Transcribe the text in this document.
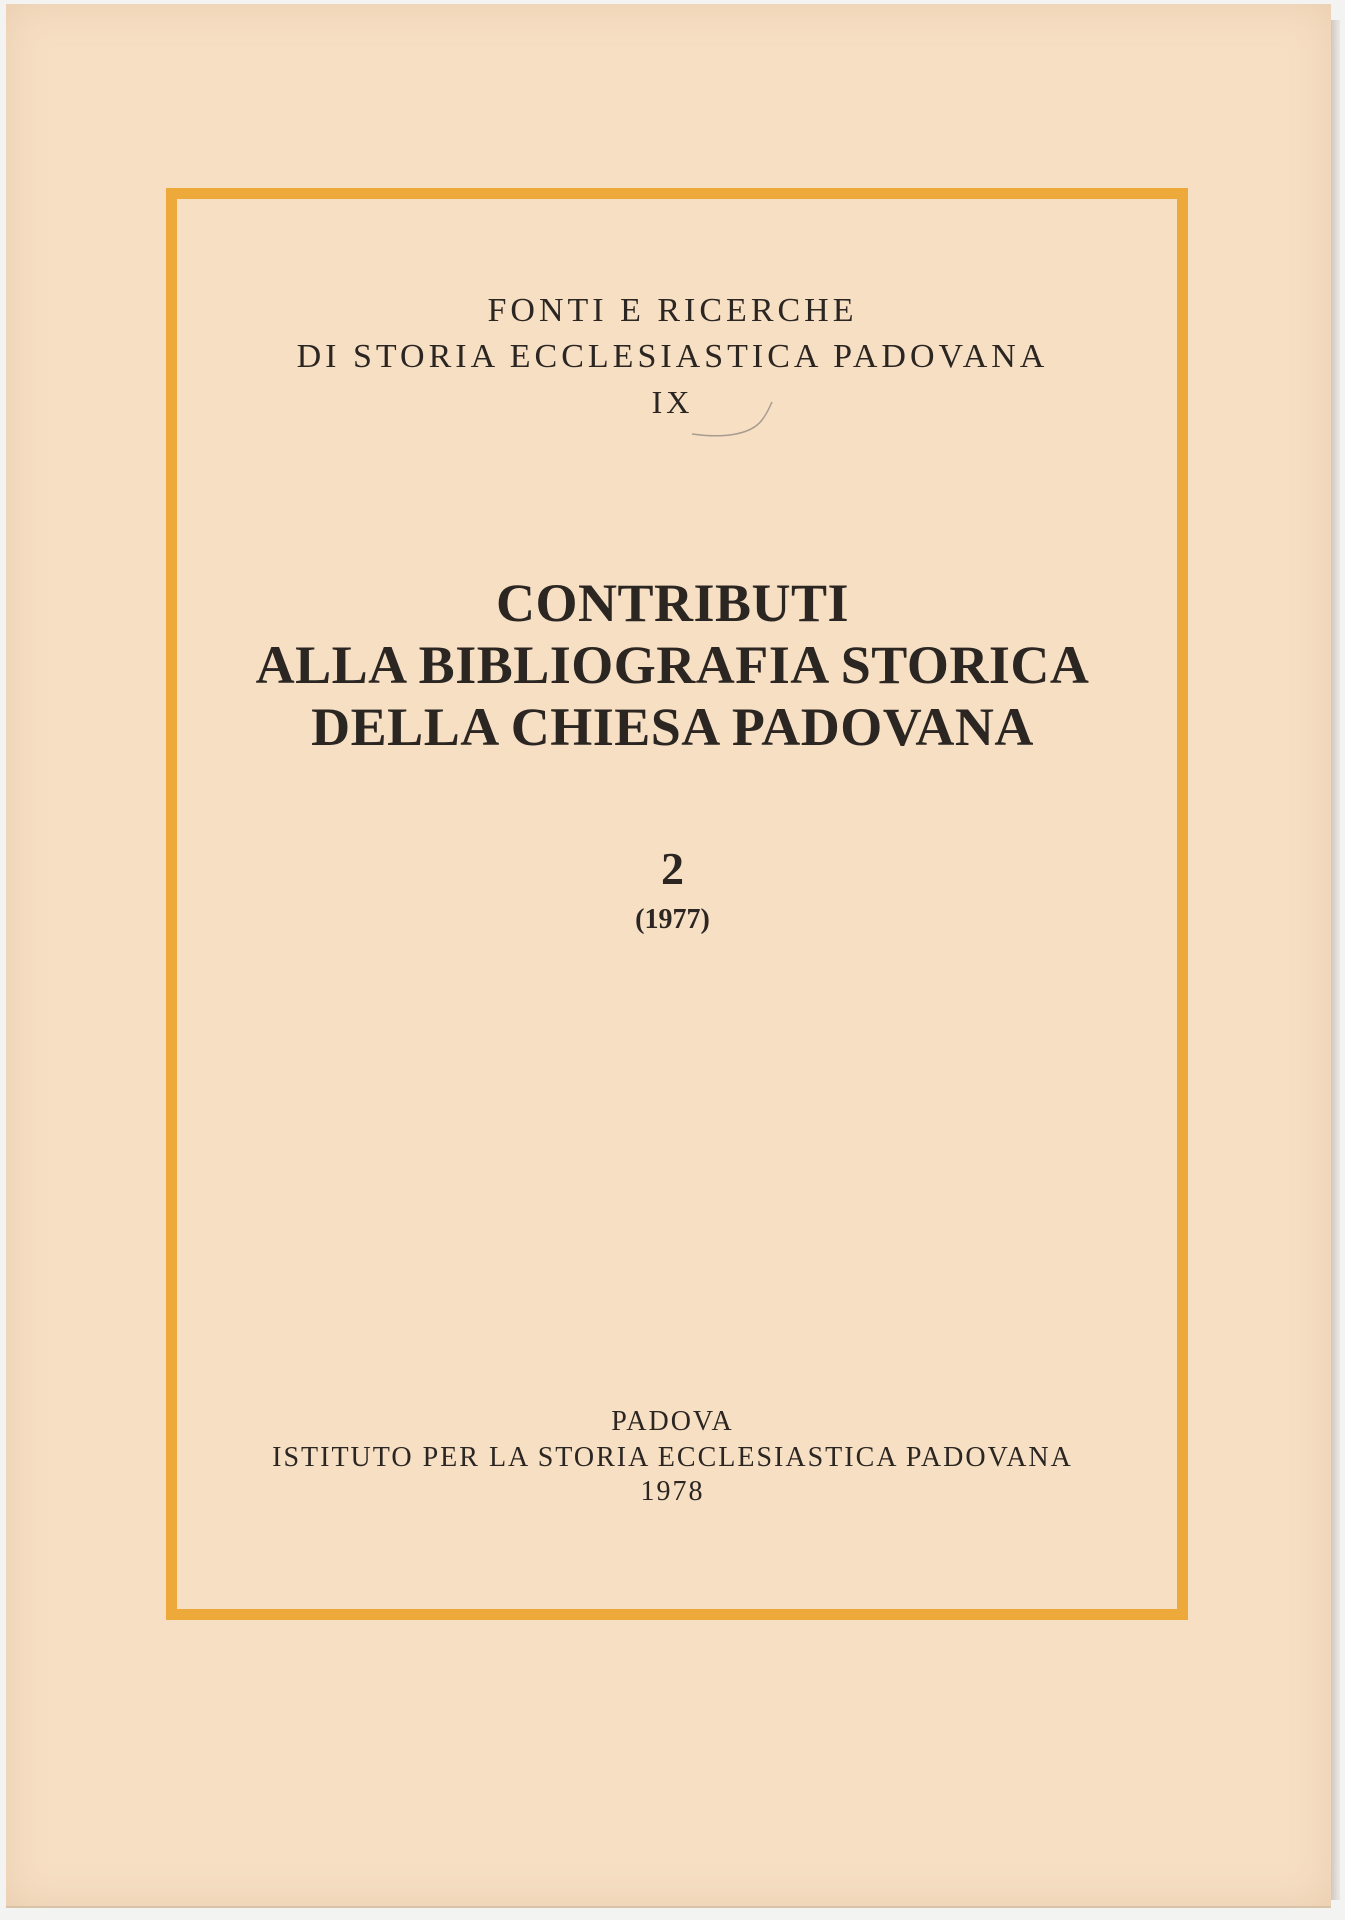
FONTI E RICERCHE
DI STORIA ECCLESIASTICA PADOVANA
IX
CONTRIBUTI
ALLA BIBLIOGRAFIA STORICA
DELLA CHIESA PADOVANA
2
(1977)
PADOVA
ISTITUTO PER LA STORIA ECCLESIASTICA PADOVANA
1978
